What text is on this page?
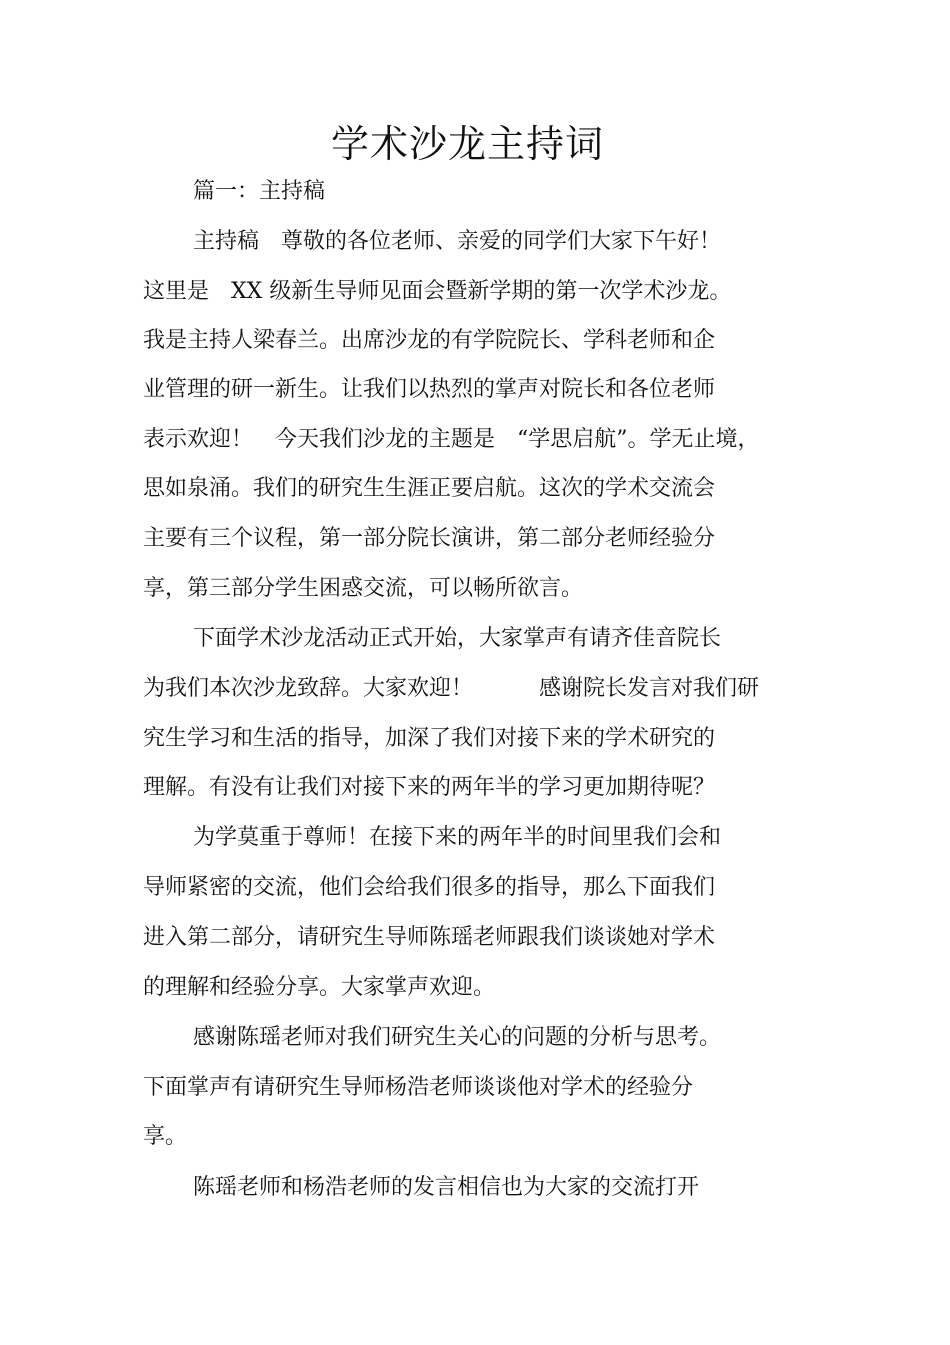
学术沙龙主持词
篇一：主持稿
主持稿　尊敬的各位老师、亲爱的同学们大家下午好！
这里是　XX 级新生导师见面会暨新学期的第一次学术沙龙。
我是主持人梁春兰。出席沙龙的有学院院长、学科老师和企
业管理的研一新生。让我们以热烈的掌声对院长和各位老师
表示欢迎！　今天我们沙龙的主题是　“学思启航”。学无止境，
思如泉涌。我们的研究生生涯正要启航。这次的学术交流会
主要有三个议程，第一部分院长演讲，第二部分老师经验分
享，第三部分学生困惑交流，可以畅所欲言。
下面学术沙龙活动正式开始，大家掌声有请齐佳音院长
为我们本次沙龙致辞。大家欢迎！　　　感谢院长发言对我们研
究生学习和生活的指导，加深了我们对接下来的学术研究的
理解。有没有让我们对接下来的两年半的学习更加期待呢？
为学莫重于尊师！在接下来的两年半的时间里我们会和
导师紧密的交流，他们会给我们很多的指导，那么下面我们
进入第二部分，请研究生导师陈瑶老师跟我们谈谈她对学术
的理解和经验分享。大家掌声欢迎。
感谢陈瑶老师对我们研究生关心的问题的分析与思考。
下面掌声有请研究生导师杨浩老师谈谈他对学术的经验分
享。
陈瑶老师和杨浩老师的发言相信也为大家的交流打开
